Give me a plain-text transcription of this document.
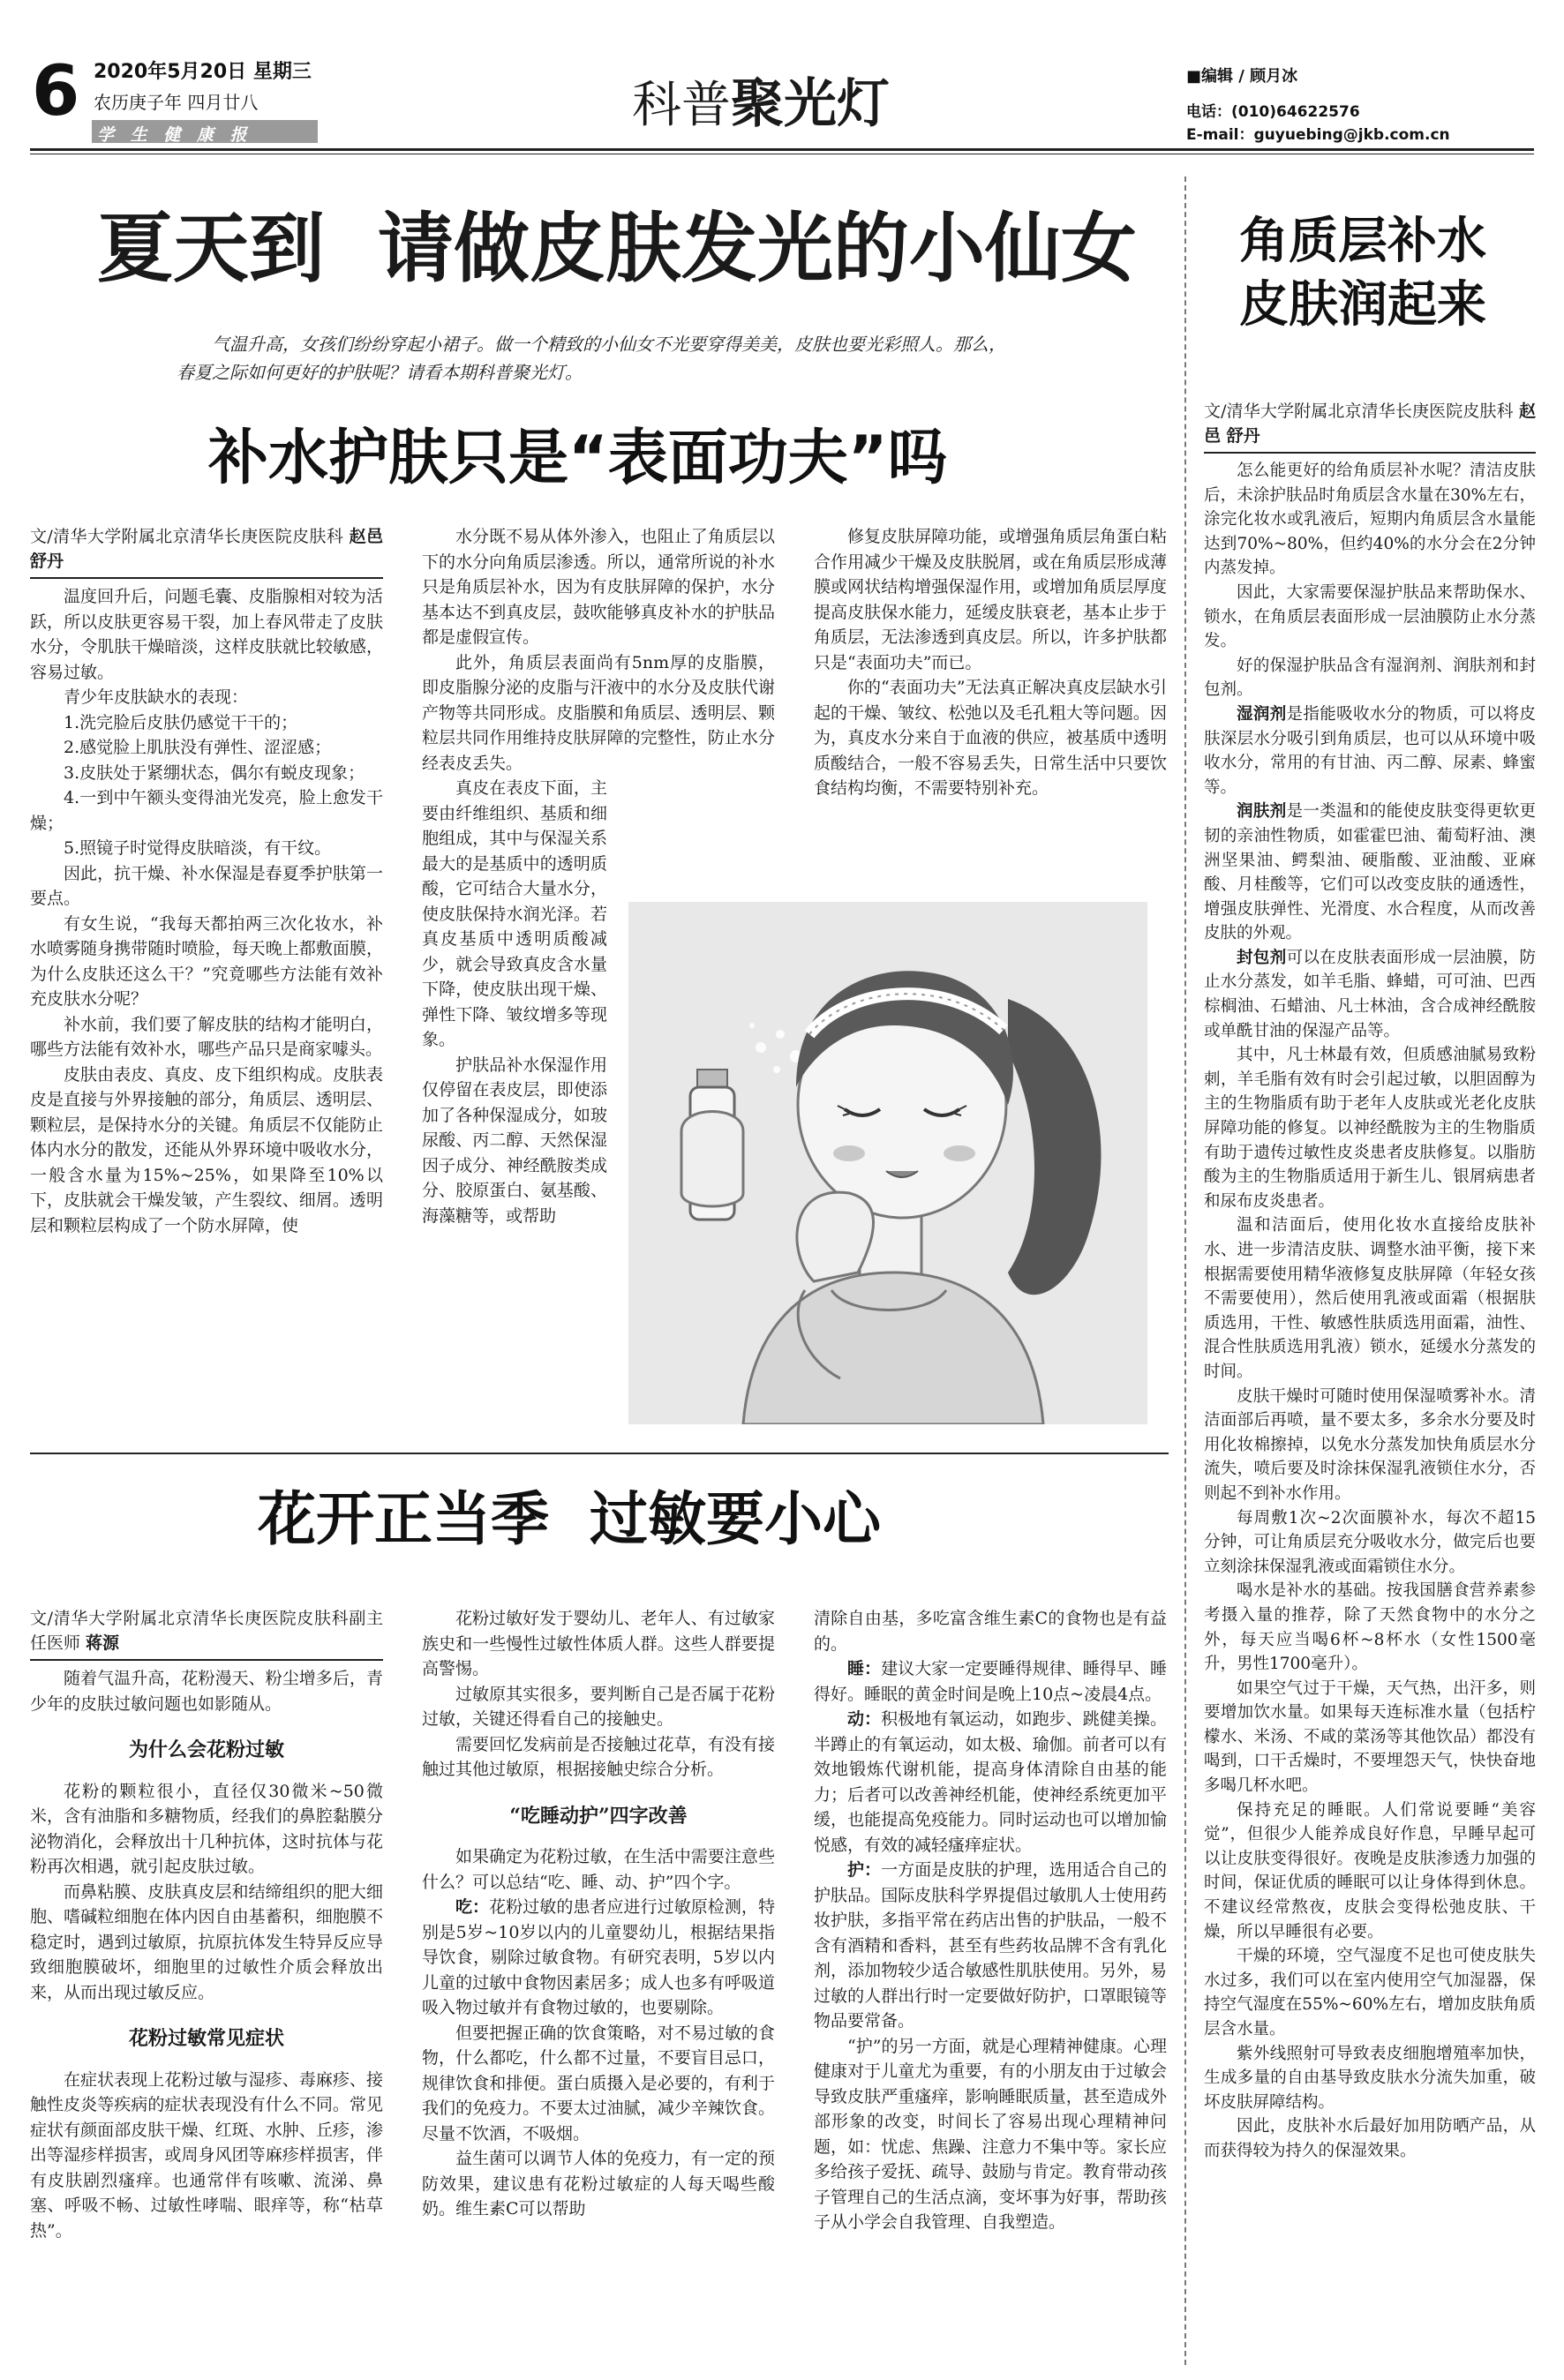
6 2020年5月20日 星期三
农历庚子年 四月廿八
学 生 健 康 报
科普聚光灯	■编辑 / 顾月冰
电话：(010)64622576
E-mail：guyuebing@jkb.com.cn
夏天到  请做皮肤发光的小仙女
气温升高，女孩们纷纷穿起小裙子。做一个精致的小仙女不光要穿得美美，皮肤也要光彩照人。那么，春夏之际如何更好的护肤呢？请看本期科普聚光灯。
补水护肤只是“表面功夫”吗
文/清华大学附属北京清华长庚医院皮肤科 赵邑 舒丹

温度回升后，问题毛囊、皮脂腺相对较为活跃，所以皮肤更容易干裂，加上春风带走了皮肤水分，令肌肤干燥暗淡，这样皮肤就比较敏感，容易过敏。

青少年皮肤缺水的表现：

1.洗完脸后皮肤仍感觉干干的；

2.感觉脸上肌肤没有弹性、涩涩感；

3.皮肤处于紧绷状态，偶尔有蜕皮现象；

4.一到中午额头变得油光发亮，脸上愈发干燥；

5.照镜子时觉得皮肤暗淡，有干纹。

因此，抗干燥、补水保湿是春夏季护肤第一要点。

有女生说，“我每天都拍两三次化妆水，补水喷雾随身携带随时喷脸，每天晚上都敷面膜，为什么皮肤还这么干？”究竟哪些方法能有效补充皮肤水分呢？

补水前，我们要了解皮肤的结构才能明白，哪些方法能有效补水，哪些产品只是商家噱头。

皮肤由表皮、真皮、皮下组织构成。皮肤表皮是直接与外界接触的部分，角质层、透明层、颗粒层，是保持水分的关键。角质层不仅能防止体内水分的散发，还能从外界环境中吸收水分，一般含水量为15%~25%，如果降至10%以下，皮肤就会干燥发皱，产生裂纹、细屑。透明层和颗粒层构成了一个防水屏障，使

水分既不易从体外渗入，也阻止了角质层以下的水分向角质层渗透。所以，通常所说的补水只是角质层补水，因为有皮肤屏障的保护，水分基本达不到真皮层，鼓吹能够真皮补水的护肤品都是虚假宣传。

此外，角质层表面尚有5nm厚的皮脂膜，即皮脂腺分泌的皮脂与汗液中的水分及皮肤代谢产物等共同形成。皮脂膜和角质层、透明层、颗粒层共同作用维持皮肤屏障的完整性，防止水分经表皮丢失。

真皮在表皮下面，主要由纤维组织、基质和细胞组成，其中与保湿关系最大的是基质中的透明质酸，它可结合大量水分，使皮肤保持水润光泽。若真皮基质中透明质酸减少，就会导致真皮含水量下降，使皮肤出现干燥、弹性下降、皱纹增多等现象。

护肤品补水保湿作用仅停留在表皮层，即使添加了各种保湿成分，如玻尿酸、丙二醇、天然保湿因子成分、神经酰胺类成分、胶原蛋白、氨基酸、海藻糖等，或帮助

修复皮肤屏障功能，或增强角质层角蛋白粘合作用减少干燥及皮肤脱屑，或在角质层形成薄膜或网状结构增强保湿作用，或增加角质层厚度提高皮肤保水能力，延缓皮肤衰老，基本止步于角质层，无法渗透到真皮层。所以，许多护肤都只是“表面功夫”而已。

你的“表面功夫”无法真正解决真皮层缺水引起的干燥、皱纹、松弛以及毛孔粗大等问题。因为，真皮水分来自于血液的供应，被基质中透明质酸结合，一般不容易丢失，日常生活中只要饮食结构均衡，不需要特别补充。

花开正当季  过敏要小心
文/清华大学附属北京清华长庚医院皮肤科副主任医师 蒋源

随着气温升高，花粉漫天、粉尘增多后，青少年的皮肤过敏问题也如影随从。

为什么会花粉过敏

花粉的颗粒很小，直径仅30微米~50微米，含有油脂和多糖物质，经我们的鼻腔黏膜分泌物消化，会释放出十几种抗体，这时抗体与花粉再次相遇，就引起皮肤过敏。

而鼻粘膜、皮肤真皮层和结缔组织的肥大细胞、嗜碱粒细胞在体内因自由基蓄积，细胞膜不稳定时，遇到过敏原，抗原抗体发生特异反应导致细胞膜破坏，细胞里的过敏性介质会释放出来，从而出现过敏反应。

花粉过敏常见症状

在症状表现上花粉过敏与湿疹、毒麻疹、接触性皮炎等疾病的症状表现没有什么不同。常见症状有颜面部皮肤干燥、红斑、水肿、丘疹，渗出等湿疹样损害，或周身风团等麻疹样损害，伴有皮肤剧烈瘙痒。也通常伴有咳嗽、流涕、鼻塞、呼吸不畅、过敏性哮喘、眼痒等，称“枯草热”。

花粉过敏好发于婴幼儿、老年人、有过敏家族史和一些慢性过敏性体质人群。这些人群要提高警惕。

过敏原其实很多，要判断自己是否属于花粉过敏，关键还得看自己的接触史。

需要回忆发病前是否接触过花草，有没有接触过其他过敏原，根据接触史综合分析。

“吃睡动护”四字改善

如果确定为花粉过敏，在生活中需要注意些什么？可以总结“吃、睡、动、护”四个字。

吃：花粉过敏的患者应进行过敏原检测，特别是5岁~10岁以内的儿童婴幼儿，根据结果指导饮食，剔除过敏食物。有研究表明，5岁以内儿童的过敏中食物因素居多；成人也多有呼吸道吸入物过敏并有食物过敏的，也要剔除。

但要把握正确的饮食策略，对不易过敏的食物，什么都吃，什么都不过量，不要盲目忌口，规律饮食和排便。蛋白质摄入是必要的，有利于我们的免疫力。不要太过油腻，减少辛辣饮食。尽量不饮酒，不吸烟。

益生菌可以调节人体的免疫力，有一定的预防效果，建议患有花粉过敏症的人每天喝些酸奶。维生素C可以帮助

清除自由基，多吃富含维生素C的食物也是有益的。

睡：建议大家一定要睡得规律、睡得早、睡得好。睡眠的黄金时间是晚上10点~凌晨4点。

动：积极地有氧运动，如跑步、跳健美操。半蹲止的有氧运动，如太极、瑜伽。前者可以有效地锻炼代谢机能，提高身体清除自由基的能力；后者可以改善神经机能，使神经系统更加平缓，也能提高免疫能力。同时运动也可以增加愉悦感，有效的减轻瘙痒症状。

护：一方面是皮肤的护理，选用适合自己的护肤品。国际皮肤科学界提倡过敏肌人士使用药妆护肤，多指平常在药店出售的护肤品，一般不含有酒精和香料，甚至有些药妆品牌不含有乳化剂，添加物较少适合敏感性肌肤使用。另外，易过敏的人群出行时一定要做好防护，口罩眼镜等物品要常备。

“护”的另一方面，就是心理精神健康。心理健康对于儿童尤为重要，有的小朋友由于过敏会导致皮肤严重瘙痒，影响睡眠质量，甚至造成外部形象的改变，时间长了容易出现心理精神问题，如：忧虑、焦躁、注意力不集中等。家长应多给孩子爱抚、疏导、鼓励与肯定。教育带动孩子管理自己的生活点滴，变坏事为好事，帮助孩子从小学会自我管理、自我塑造。

角质层补水
皮肤润起来
文/清华大学附属北京清华长庚医院皮肤科 赵邑 舒丹

怎么能更好的给角质层补水呢？清洁皮肤后，未涂护肤品时角质层含水量在30%左右，涂完化妆水或乳液后，短期内角质层含水量能达到70%~80%，但约40%的水分会在2分钟内蒸发掉。

因此，大家需要保湿护肤品来帮助保水、锁水，在角质层表面形成一层油膜防止水分蒸发。

好的保湿护肤品含有湿润剂、润肤剂和封包剂。

湿润剂是指能吸收水分的物质，可以将皮肤深层水分吸引到角质层，也可以从环境中吸收水分，常用的有甘油、丙二醇、尿素、蜂蜜等。

润肤剂是一类温和的能使皮肤变得更软更韧的亲油性物质，如霍霍巴油、葡萄籽油、澳洲坚果油、鳄梨油、硬脂酸、亚油酸、亚麻酸、月桂酸等，它们可以改变皮肤的通透性，增强皮肤弹性、光滑度、水合程度，从而改善皮肤的外观。

封包剂可以在皮肤表面形成一层油膜，防止水分蒸发，如羊毛脂、蜂蜡，可可油、巴西棕榈油、石蜡油、凡士林油，含合成神经酰胺或单酰甘油的保湿产品等。

其中，凡士林最有效，但质感油腻易致粉刺，羊毛脂有效有时会引起过敏，以胆固醇为主的生物脂质有助于老年人皮肤或光老化皮肤屏障功能的修复。以神经酰胺为主的生物脂质有助于遗传过敏性皮炎患者皮肤修复。以脂肪酸为主的生物脂质适用于新生儿、银屑病患者和尿布皮炎患者。

温和洁面后，使用化妆水直接给皮肤补水、进一步清洁皮肤、调整水油平衡，接下来根据需要使用精华液修复皮肤屏障（年轻女孩不需要使用），然后使用乳液或面霜（根据肤质选用，干性、敏感性肤质选用面霜，油性、混合性肤质选用乳液）锁水，延缓水分蒸发的时间。

皮肤干燥时可随时使用保湿喷雾补水。清洁面部后再喷，量不要太多，多余水分要及时用化妆棉擦掉，以免水分蒸发加快角质层水分流失，喷后要及时涂抹保湿乳液锁住水分，否则起不到补水作用。

每周敷1次~2次面膜补水，每次不超15分钟，可让角质层充分吸收水分，做完后也要立刻涂抹保湿乳液或面霜锁住水分。

喝水是补水的基础。按我国膳食营养素参考摄入量的推荐，除了天然食物中的水分之外，每天应当喝6杯~8杯水（女性1500毫升，男性1700毫升）。

如果空气过于干燥，天气热，出汗多，则要增加饮水量。如果每天连标准水量（包括柠檬水、米汤、不咸的菜汤等其他饮品）都没有喝到，口干舌燥时，不要埋怨天气，快快奋地多喝几杯水吧。

保持充足的睡眠。人们常说要睡“美容觉”，但很少人能养成良好作息，早睡早起可以让皮肤变得很好。夜晚是皮肤渗透力加强的时间，保证优质的睡眠可以让身体得到休息。不建议经常熬夜，皮肤会变得松弛皮肤、干燥，所以早睡很有必要。

干燥的环境，空气湿度不足也可使皮肤失水过多，我们可以在室内使用空气加湿器，保持空气湿度在55%~60%左右，增加皮肤角质层含水量。

紫外线照射可导致表皮细胞增殖率加快，生成多量的自由基导致皮肤水分流失加重，破坏皮肤屏障结构。

因此，皮肤补水后最好加用防晒产品，从而获得较为持久的保湿效果。
